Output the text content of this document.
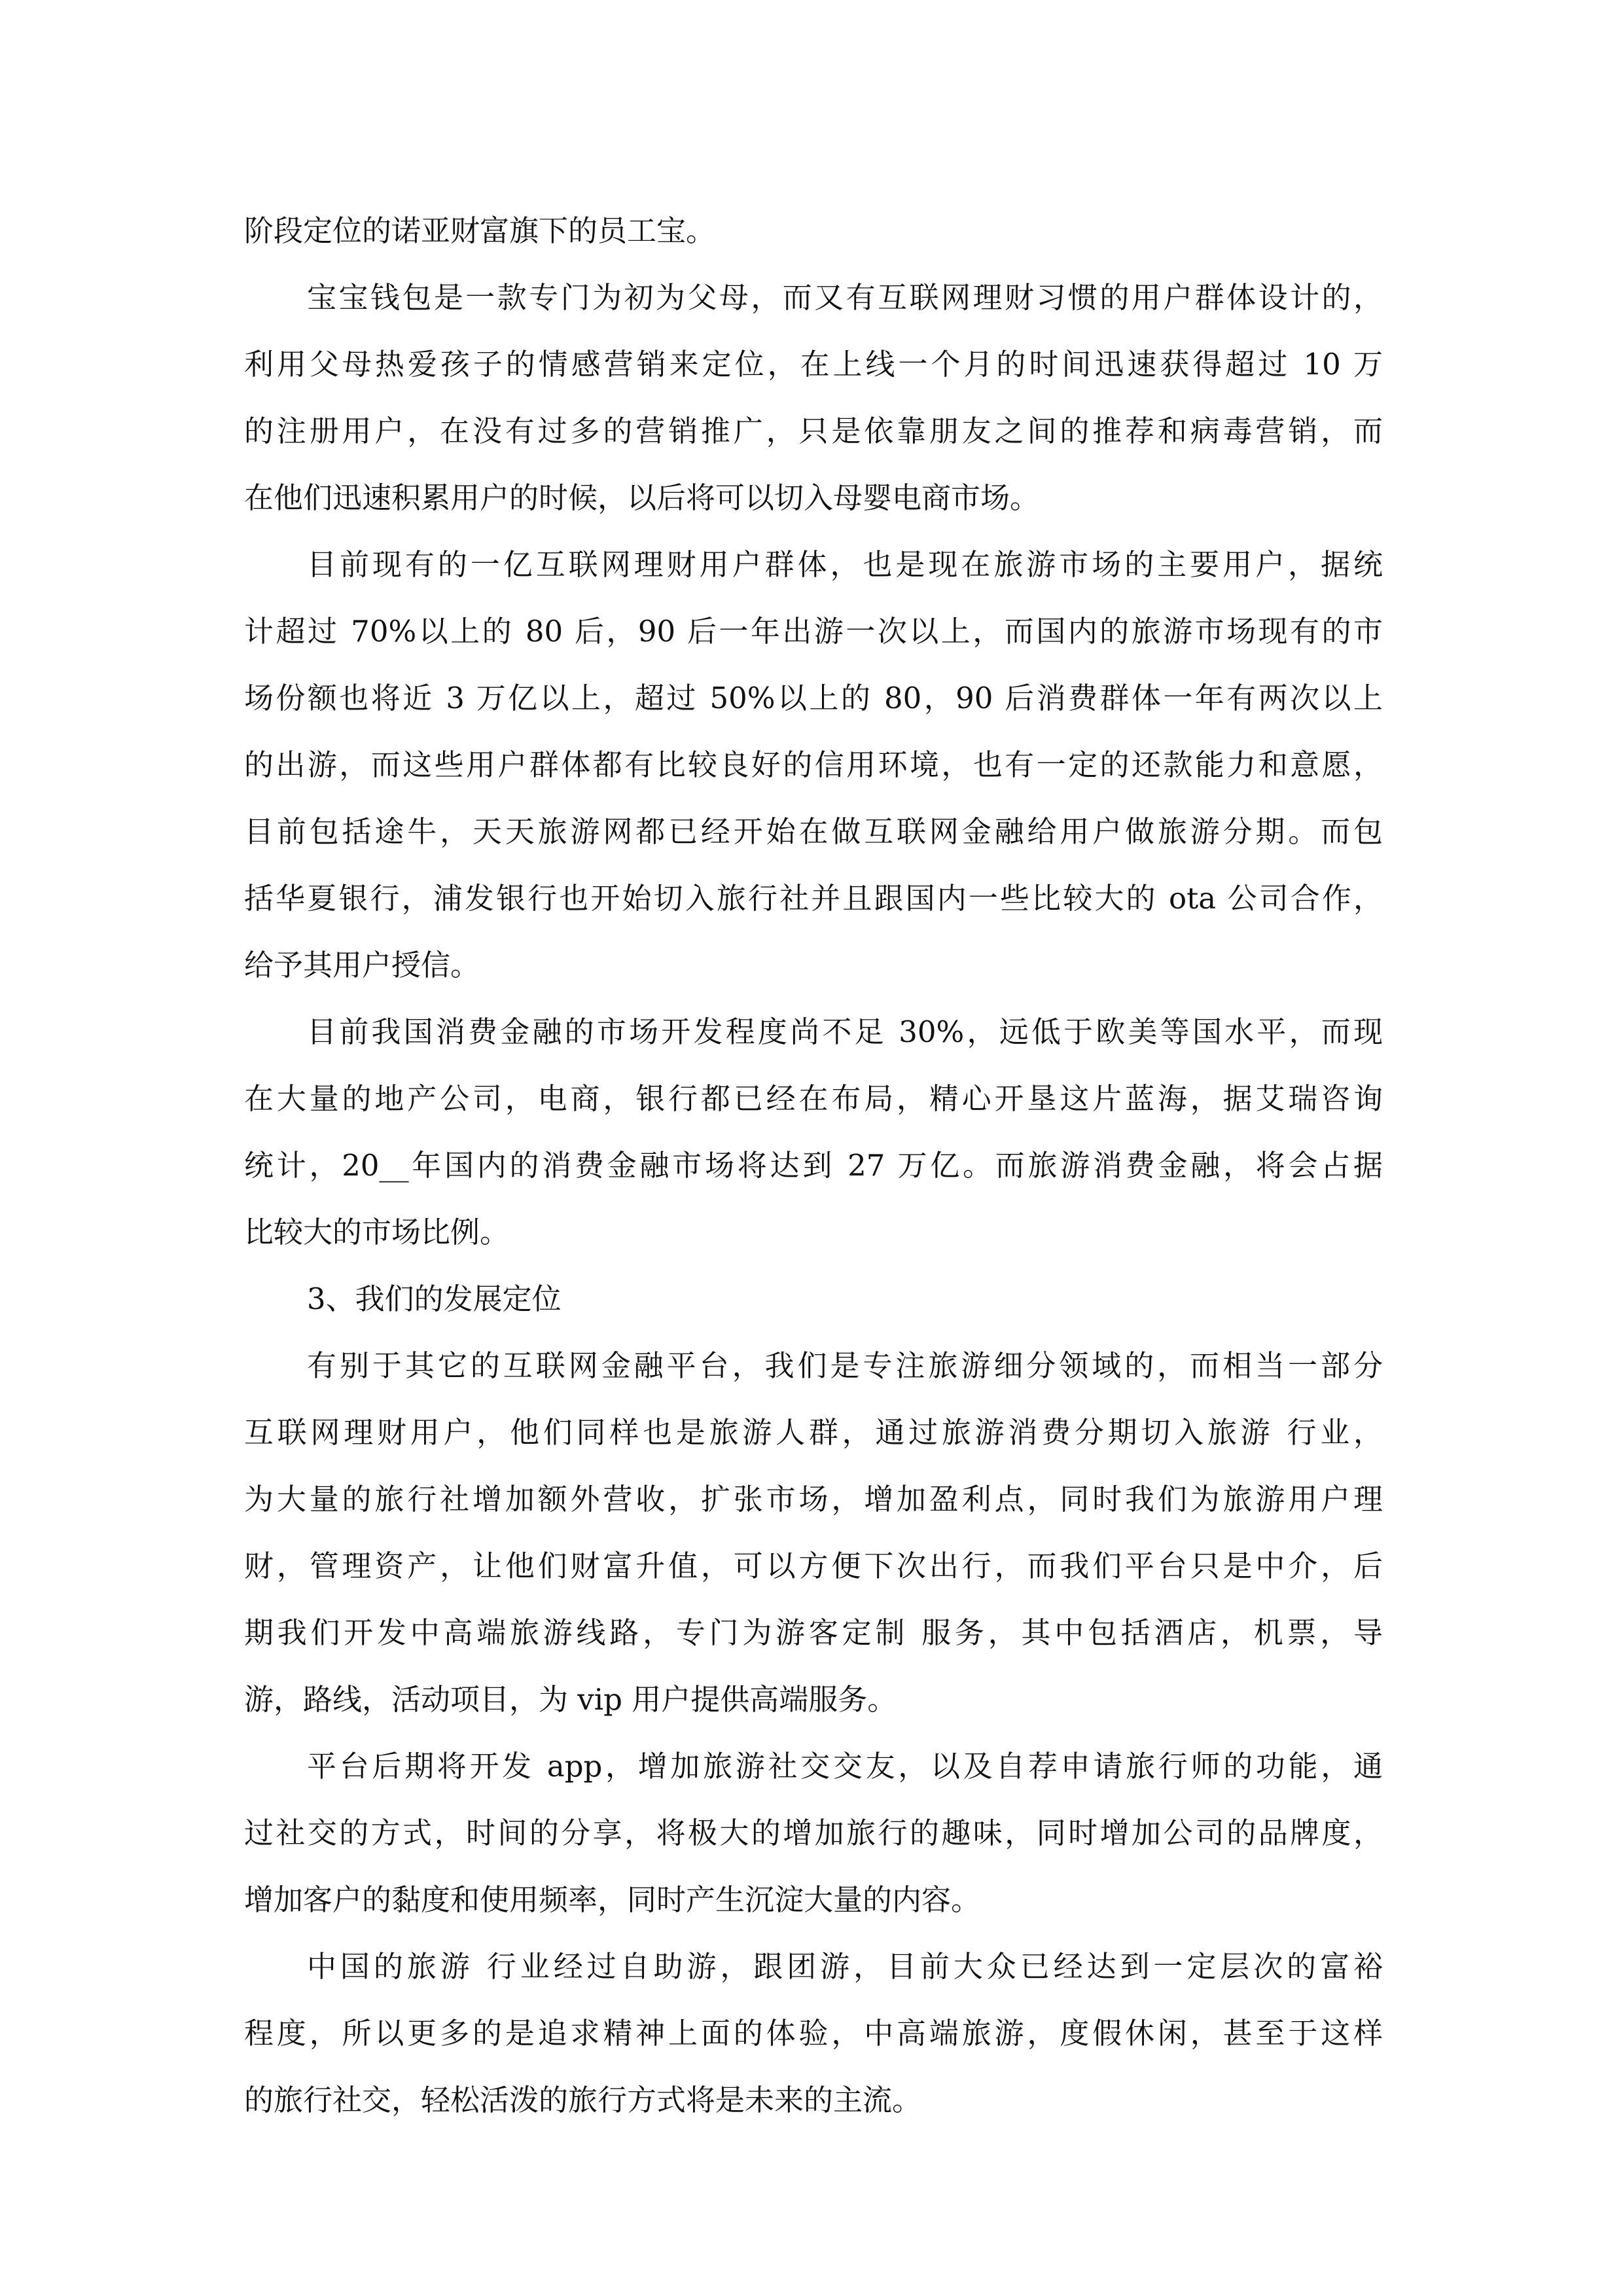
阶段定位的诺亚财富旗下的员工宝。
宝宝钱包是一款专门为初为父母，而又有互联网理财习惯的用户群体设计的，
利用父母热爱孩子的情感营销来定位，在上线一个月的时间迅速获得超过 10 万
的注册用户，在没有过多的营销推广，只是依靠朋友之间的推荐和病毒营销，而
在他们迅速积累用户的时候，以后将可以切入母婴电商市场。
目前现有的一亿互联网理财用户群体，也是现在旅游市场的主要用户，据统
计超过 70%以上的 80 后，90 后一年出游一次以上，而国内的旅游市场现有的市
场份额也将近 3 万亿以上，超过 50%以上的 80，90 后消费群体一年有两次以上
的出游，而这些用户群体都有比较良好的信用环境，也有一定的还款能力和意愿，
目前包括途牛，天天旅游网都已经开始在做互联网金融给用户做旅游分期。而包
括华夏银行，浦发银行也开始切入旅行社并且跟国内一些比较大的 ota 公司合作，
给予其用户授信。
目前我国消费金融的市场开发程度尚不足 30%，远低于欧美等国水平，而现
在大量的地产公司，电商，银行都已经在布局，精心开垦这片蓝海，据艾瑞咨询
统计，20__年国内的消费金融市场将达到 27 万亿。而旅游消费金融，将会占据
比较大的市场比例。
3、我们的发展定位
有别于其它的互联网金融平台，我们是专注旅游细分领域的，而相当一部分
互联网理财用户，他们同样也是旅游人群，通过旅游消费分期切入旅游 行业，
为大量的旅行社增加额外营收，扩张市场，增加盈利点，同时我们为旅游用户理
财，管理资产，让他们财富升值，可以方便下次出行，而我们平台只是中介，后
期我们开发中高端旅游线路，专门为游客定制 服务，其中包括酒店，机票，导
游，路线，活动项目，为 vip 用户提供高端服务。
平台后期将开发 app，增加旅游社交交友，以及自荐申请旅行师的功能，通
过社交的方式，时间的分享，将极大的增加旅行的趣味，同时增加公司的品牌度，
增加客户的黏度和使用频率，同时产生沉淀大量的内容。
中国的旅游 行业经过自助游，跟团游，目前大众已经达到一定层次的富裕
程度，所以更多的是追求精神上面的体验，中高端旅游，度假休闲，甚至于这样
的旅行社交，轻松活泼的旅行方式将是未来的主流。
